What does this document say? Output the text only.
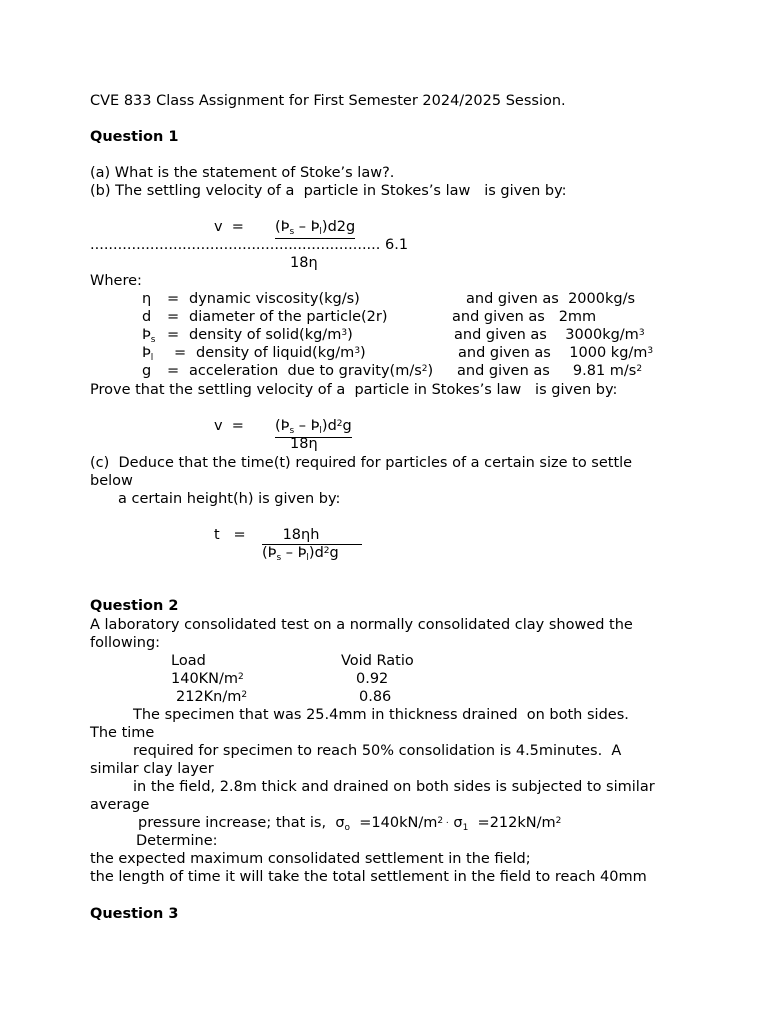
CVE 833 Class Assignment for First Semester 2024/2025 Session.
Question 1
(a) What is the statement of Stoke’s law?.
(b) The settling velocity of a  particle in Stokes’s law   is given by:
$v = (Þ_s$ – $Þ_l)d2g$
............................................................... 6.1
18η
Where:
η = dynamic viscosity(kg/s)	and given as  2000kg/s
d = diameter of the particle(2r)	and given as   2mm
$Þ_s$ = density of $solid(kg/m^3)$	and given as    $3000kg/m^3$
$Þ_l$ = density of $liquid(kg/m^3)$	and given as    1000 $kg/m^3$
g = acceleration  due to $gravity(m/s^2)$ and given as     9.81 $m/s^2$
Prove that the settling velocity of a  particle in Stokes’s law   is given by:
$v = (Þ_s$ – $Þ_l)d^2g$
18η
(c)  Deduce that the time(t) required for particles of a certain size to settle
below
a certain height(h) is given by:
t   =	18ηh
($Þ_s$ – $Þ_l)d^2g$
Question 2
A laboratory consolidated test on a normally consolidated clay showed the
following:
Load	Void Ratio
$140KN/m^2$	0.92
$212Kn/m^2$	0.86
The specimen that was 25.4mm in thickness drained  on both sides.
The time
required for specimen to reach 50% consolidation is 4.5minutes.  A
similar clay layer
in the field, 2.8m thick and drained on both sides is subjected to similar
average
pressure increase; that is,  $\sigma_o =140kN/m^{2 .}$ $\sigma_1 =212kN/m^2$
Determine:
the expected maximum consolidated settlement in the field;
the length of time it will take the total settlement in the field to reach 40mm
Question 3
